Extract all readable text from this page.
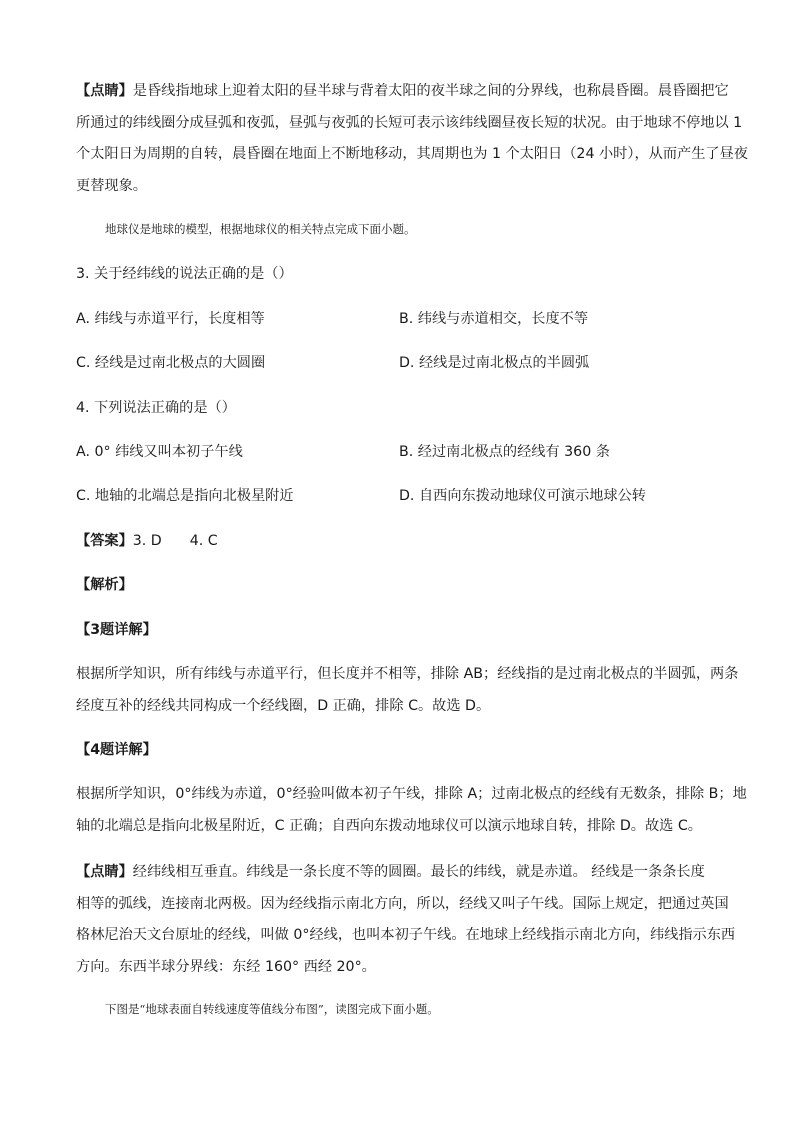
【点睛】是昏线指地球上迎着太阳的昼半球与背着太阳的夜半球之间的分界线，也称晨昏圈。晨昏圈把它
所通过的纬线圈分成昼弧和夜弧，昼弧与夜弧的长短可表示该纬线圈昼夜长短的状况。由于地球不停地以 1
个太阳日为周期的自转，晨昏圈在地面上不断地移动，其周期也为 1 个太阳日（24 小时），从而产生了昼夜
更替现象。

地球仪是地球的模型，根据地球仪的相关特点完成下面小题。

3. 关于经纬线的说法正确的是（）

A. 纬线与赤道平行，长度相等	B. 纬线与赤道相交，长度不等
C. 经线是过南北极点的大圆圈	D. 经线是过南北极点的半圆弧

4. 下列说法正确的是（）

A. 0° 纬线又叫本初子午线	B. 经过南北极点的经线有 360 条
C. 地轴的北端总是指向北极星附近	D. 自西向东拨动地球仪可演示地球公转

【答案】3. D 4. C

【解析】

【3题详解】

根据所学知识，所有纬线与赤道平行，但长度并不相等，排除 AB；经线指的是过南北极点的半圆弧，两条
经度互补的经线共同构成一个经线圈，D 正确，排除 C。故选 D。

【4题详解】

根据所学知识，0°纬线为赤道，0°经验叫做本初子午线，排除 A；过南北极点的经线有无数条，排除 B；地
轴的北端总是指向北极星附近，C 正确；自西向东拨动地球仪可以演示地球自转，排除 D。故选 C。
【点睛】经纬线相互垂直。纬线是一条长度不等的圆圈。最长的纬线，就是赤道。 经线是一条条长度
相等的弧线，连接南北两极。因为经线指示南北方向，所以，经线又叫子午线。国际上规定，把通过英国
格林尼治天文台原址的经线，叫做 0°经线，也叫本初子午线。在地球上经线指示南北方向，纬线指示东西
方向。东西半球分界线：东经 160° 西经 20°。

下图是“地球表面自转线速度等值线分布图”，读图完成下面小题。
